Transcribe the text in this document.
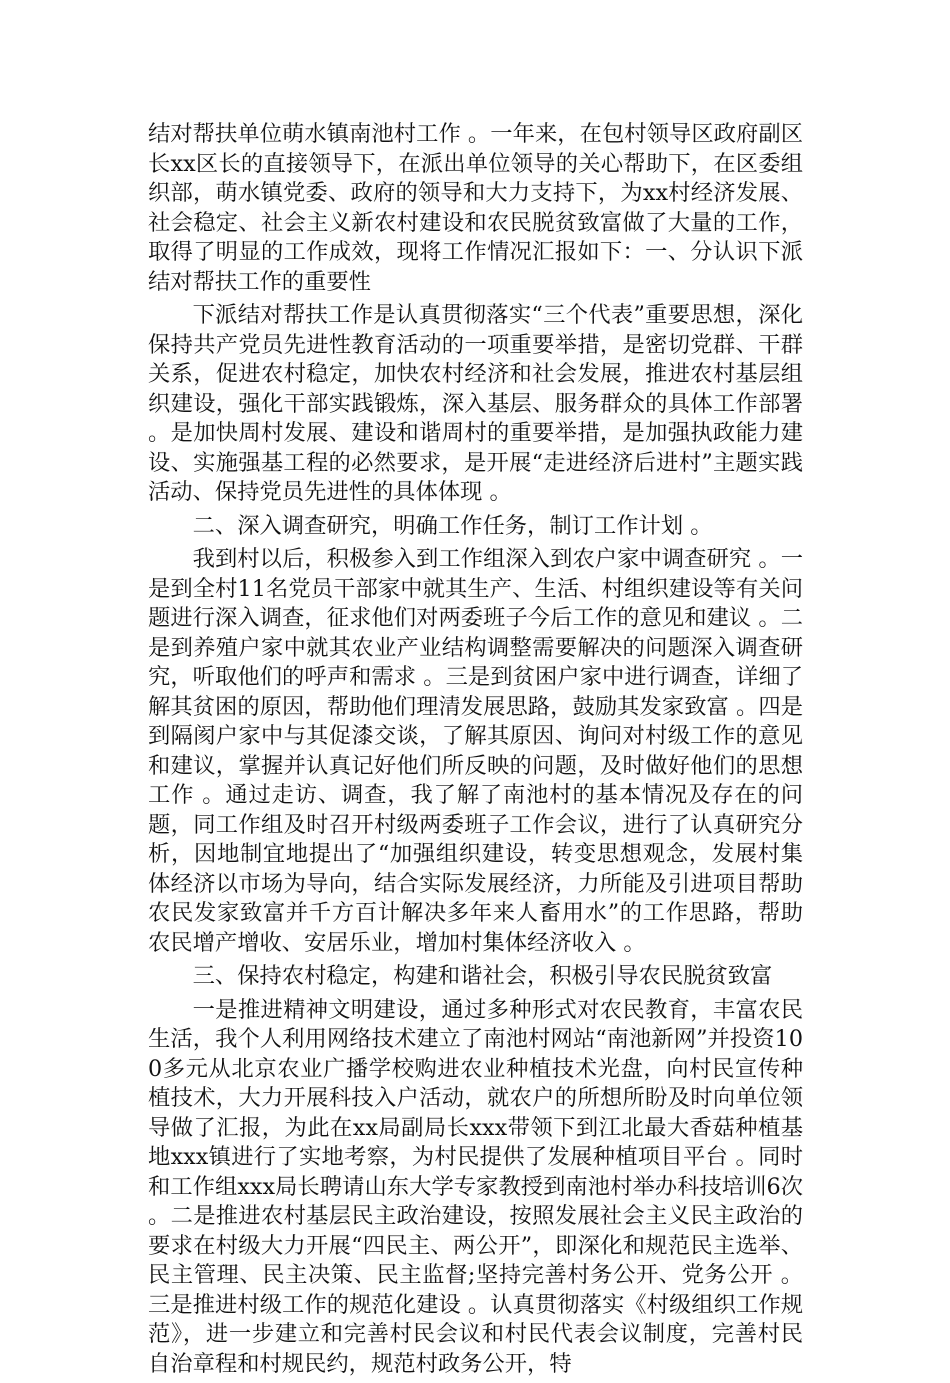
结对帮扶单位萌水镇南池村工作 。一年来，在包村领导区政府副区长xx区长的直接领导下，在派出单位领导的关心帮助下，在区委组织部，萌水镇党委、政府的领导和大力支持下，为xx村经济发展、社会稳定、社会主义新农村建设和农民脱贫致富做了大量的工作，取得了明显的工作成效，现将工作情况汇报如下：一、分认识下派结对帮扶工作的重要性

下派结对帮扶工作是认真贯彻落实“三个代表”重要思想，深化保持共产党员先进性教育活动的一项重要举措，是密切党群、干群关系，促进农村稳定，加快农村经济和社会发展，推进农村基层组织建设，强化干部实践锻炼，深入基层、服务群众的具体工作部署 。是加快周村发展、建设和谐周村的重要举措，是加强执政能力建设、实施强基工程的必然要求，是开展“走进经济后进村”主题实践活动、保持党员先进性的具体体现 。

二、深入调查研究，明确工作任务，制订工作计划 。

我到村以后，积极参入到工作组深入到农户家中调查研究 。一是到全村11名党员干部家中就其生产、生活、村组织建设等有关问题进行深入调查，征求他们对两委班子今后工作的意见和建议 。二是到养殖户家中就其农业产业结构调整需要解决的问题深入调查研究，听取他们的呼声和需求 。三是到贫困户家中进行调查，详细了解其贫困的原因，帮助他们理清发展思路，鼓励其发家致富 。四是到隔阂户家中与其促漆交谈，了解其原因、询问对村级工作的意见和建议，掌握并认真记好他们所反映的问题，及时做好他们的思想工作 。通过走访、调查，我了解了南池村的基本情况及存在的问题，同工作组及时召开村级两委班子工作会议，进行了认真研究分析，因地制宜地提出了“加强组织建设，转变思想观念，发展村集体经济以市场为导向，结合实际发展经济，力所能及引进项目帮助农民发家致富并千方百计解决多年来人畜用水”的工作思路，帮助农民增产增收、安居乐业，增加村集体经济收入 。

三、保持农村稳定，构建和谐社会，积极引导农民脱贫致富

一是推进精神文明建设，通过多种形式对农民教育，丰富农民生活，我个人利用网络技术建立了南池村网站“南池新网”并投资100多元从北京农业广播学校购进农业种植技术光盘，向村民宣传种植技术，大力开展科技入户活动，就农户的所想所盼及时向单位领导做了汇报，为此在xx局副局长xxx带领下到江北最大香菇种植基地xxx镇进行了实地考察，为村民提供了发展种植项目平台 。同时和工作组xxx局长聘请山东大学专家教授到南池村举办科技培训6次 。二是推进农村基层民主政治建设，按照发展社会主义民主政治的要求在村级大力开展“四民主、两公开”，即深化和规范民主选举、民主管理、民主决策、民主监督;坚持完善村务公开、党务公开 。三是推进村级工作的规范化建设 。认真贯彻落实《村级组织工作规范》，进一步建立和完善村民会议和村民代表会议制度，完善村民自治章程和村规民约，规范村政务公开，特
